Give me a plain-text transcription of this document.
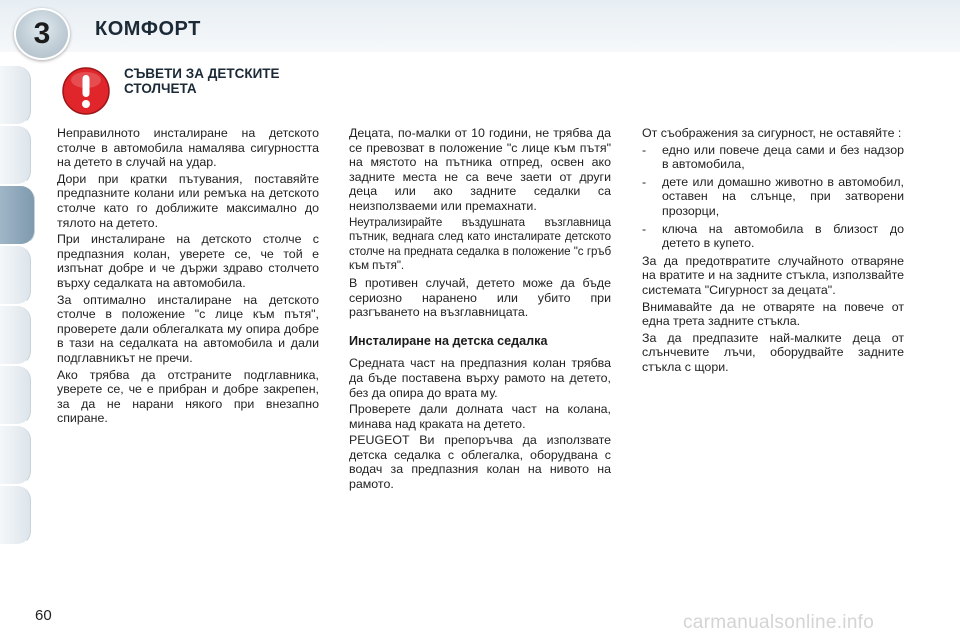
3	КОМФОРТ
СЪВЕТИ ЗА ДЕТСКИТЕ
СТОЛЧЕТА

Неправилното инсталиране на детското столче в автомобила намалява сигурността на детето в случай на удар.

Дори при кратки пътувания, поставяйте предпазните колани или ремъка на детското столче като го доближите максимално до тялото на детето.

При инсталиране на детското столче с предпазния колан, уверете се, че той е изпънат добре и че държи здраво столчето върху седалката на автомобила.

За оптимално инсталиране на детското столче в положение "с лице към пътя", проверете дали облегалката му опира добре в тази на седалката на автомобила и дали подглавникът не пречи.

Ако трябва да отстраните подглавника, уверете се, че е прибран и добре закрепен, за да не нарани някого при внезапно спиране.

Децата, по-малки от 10 години, не трябва да се превозват в положение "с лице към пътя" на мястото на пътника отпред, освен ако задните места не са вече заети от други деца или ако задните седалки са неизползваеми или премахнати.

Неутрализирайте въздушната възглавница пътник, веднага след като инсталирате детското столче на предната седалка в положение "с гръб към пътя".

В противен случай, детето може да бъде сериозно наранено или убито при разгъването на възглавницата.

Инсталиране на детска седалка

Средната част на предпазния колан трябва да бъде поставена върху рамото на детето, без да опира до врата му.

Проверете дали долната част на колана, минава над краката на детето.

PEUGEOT Ви препоръчва да използвате детска седалка с облегалка, оборудвана с водач за предпазния колан на нивото на рамото.

От съображения за сигурност, не оставяйте :

-	едно или повече деца сами и без надзор в автомобила,
-	дете или домашно животно в автомобил, оставен на слънце, при затворени прозорци,
-	ключа на автомобила в близост до детето в купето.

За да предотвратите случайното отваряне на вратите и на задните стъкла, използвайте системата "Сигурност за децата".

Внимавайте да не отваряте на повече от една трета задните стъкла.

За да предпазите най-малките деца от слънчевите лъчи, оборудвайте задните стъкла с щори.

60	carmanualsonline.info
